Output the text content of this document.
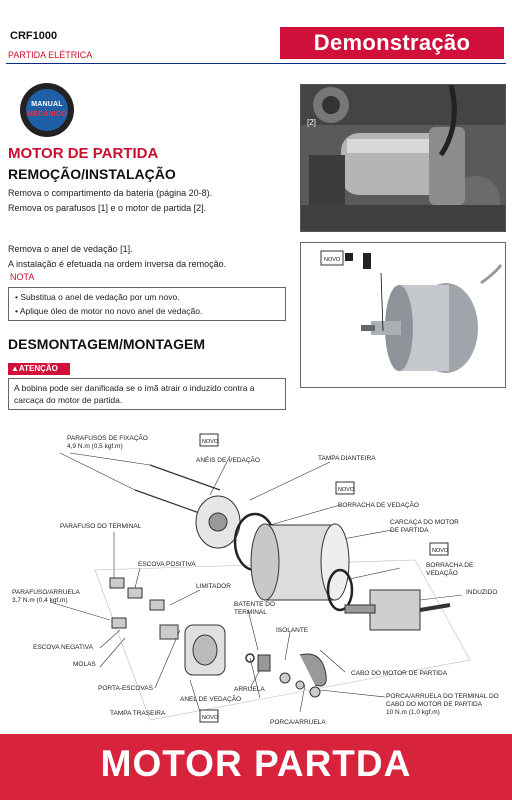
CRF1000
PARTIDA ELÉTRICA	Demonstração
MANUAL
MECÂNICO
MOTOR DE PARTIDA
REMOÇÃO/INSTALAÇÃO
Remova o compartimento da bateria (página 20-8).
Remova os parafusos [1] e o motor de partida [2].
Remova o anel de vedação [1].
A instalação é efetuada na ordem inversa da remoção.
NOTA
• Substitua o anel de vedação por um novo.
• Aplique óleo de motor no novo anel de vedação.
DESMONTAGEM/MONTAGEM
▲ATENÇÃO
A bobina pode ser danificada se o ímã atrair o induzido contra a carcaça do motor de partida.
[2]
NOVO
NOVO
NOVO
NOVO
NOVO
PARAFUSOS DE FIXAÇÃO
4,9 N.m (0,5 kgf.m)
ANÉIS DE VEDAÇÃO	TAMPA DIANTEIRA
BORRACHA DE VEDAÇÃO
CARCAÇA DO MOTOR
DE PARTIDA
BORRACHA DE
VEDAÇÃO
INDUZIDO
PARAFUSO DO TERMINAL
ESCOVA POSITIVA
LIMITADOR
PARAFUSO/ARRUELA
3,7 N.m (0,4 kgf.m)
BATENTE DO
TERMINAL
ISOLANTE
ESCOVA NEGATIVA
MOLAS
PORTA-ESCOVAS	ARRUELA
ANEL DE VEDAÇÃO
TAMPA TRASEIRA
CABO DO MOTOR DE PARTIDA
PORCA/ARRUELA
PORCA/ARRUELA DO TERMINAL DO
CABO DO MOTOR DE PARTIDA
10 N.m (1,0 kgf.m)
MOTOR PARTDA
